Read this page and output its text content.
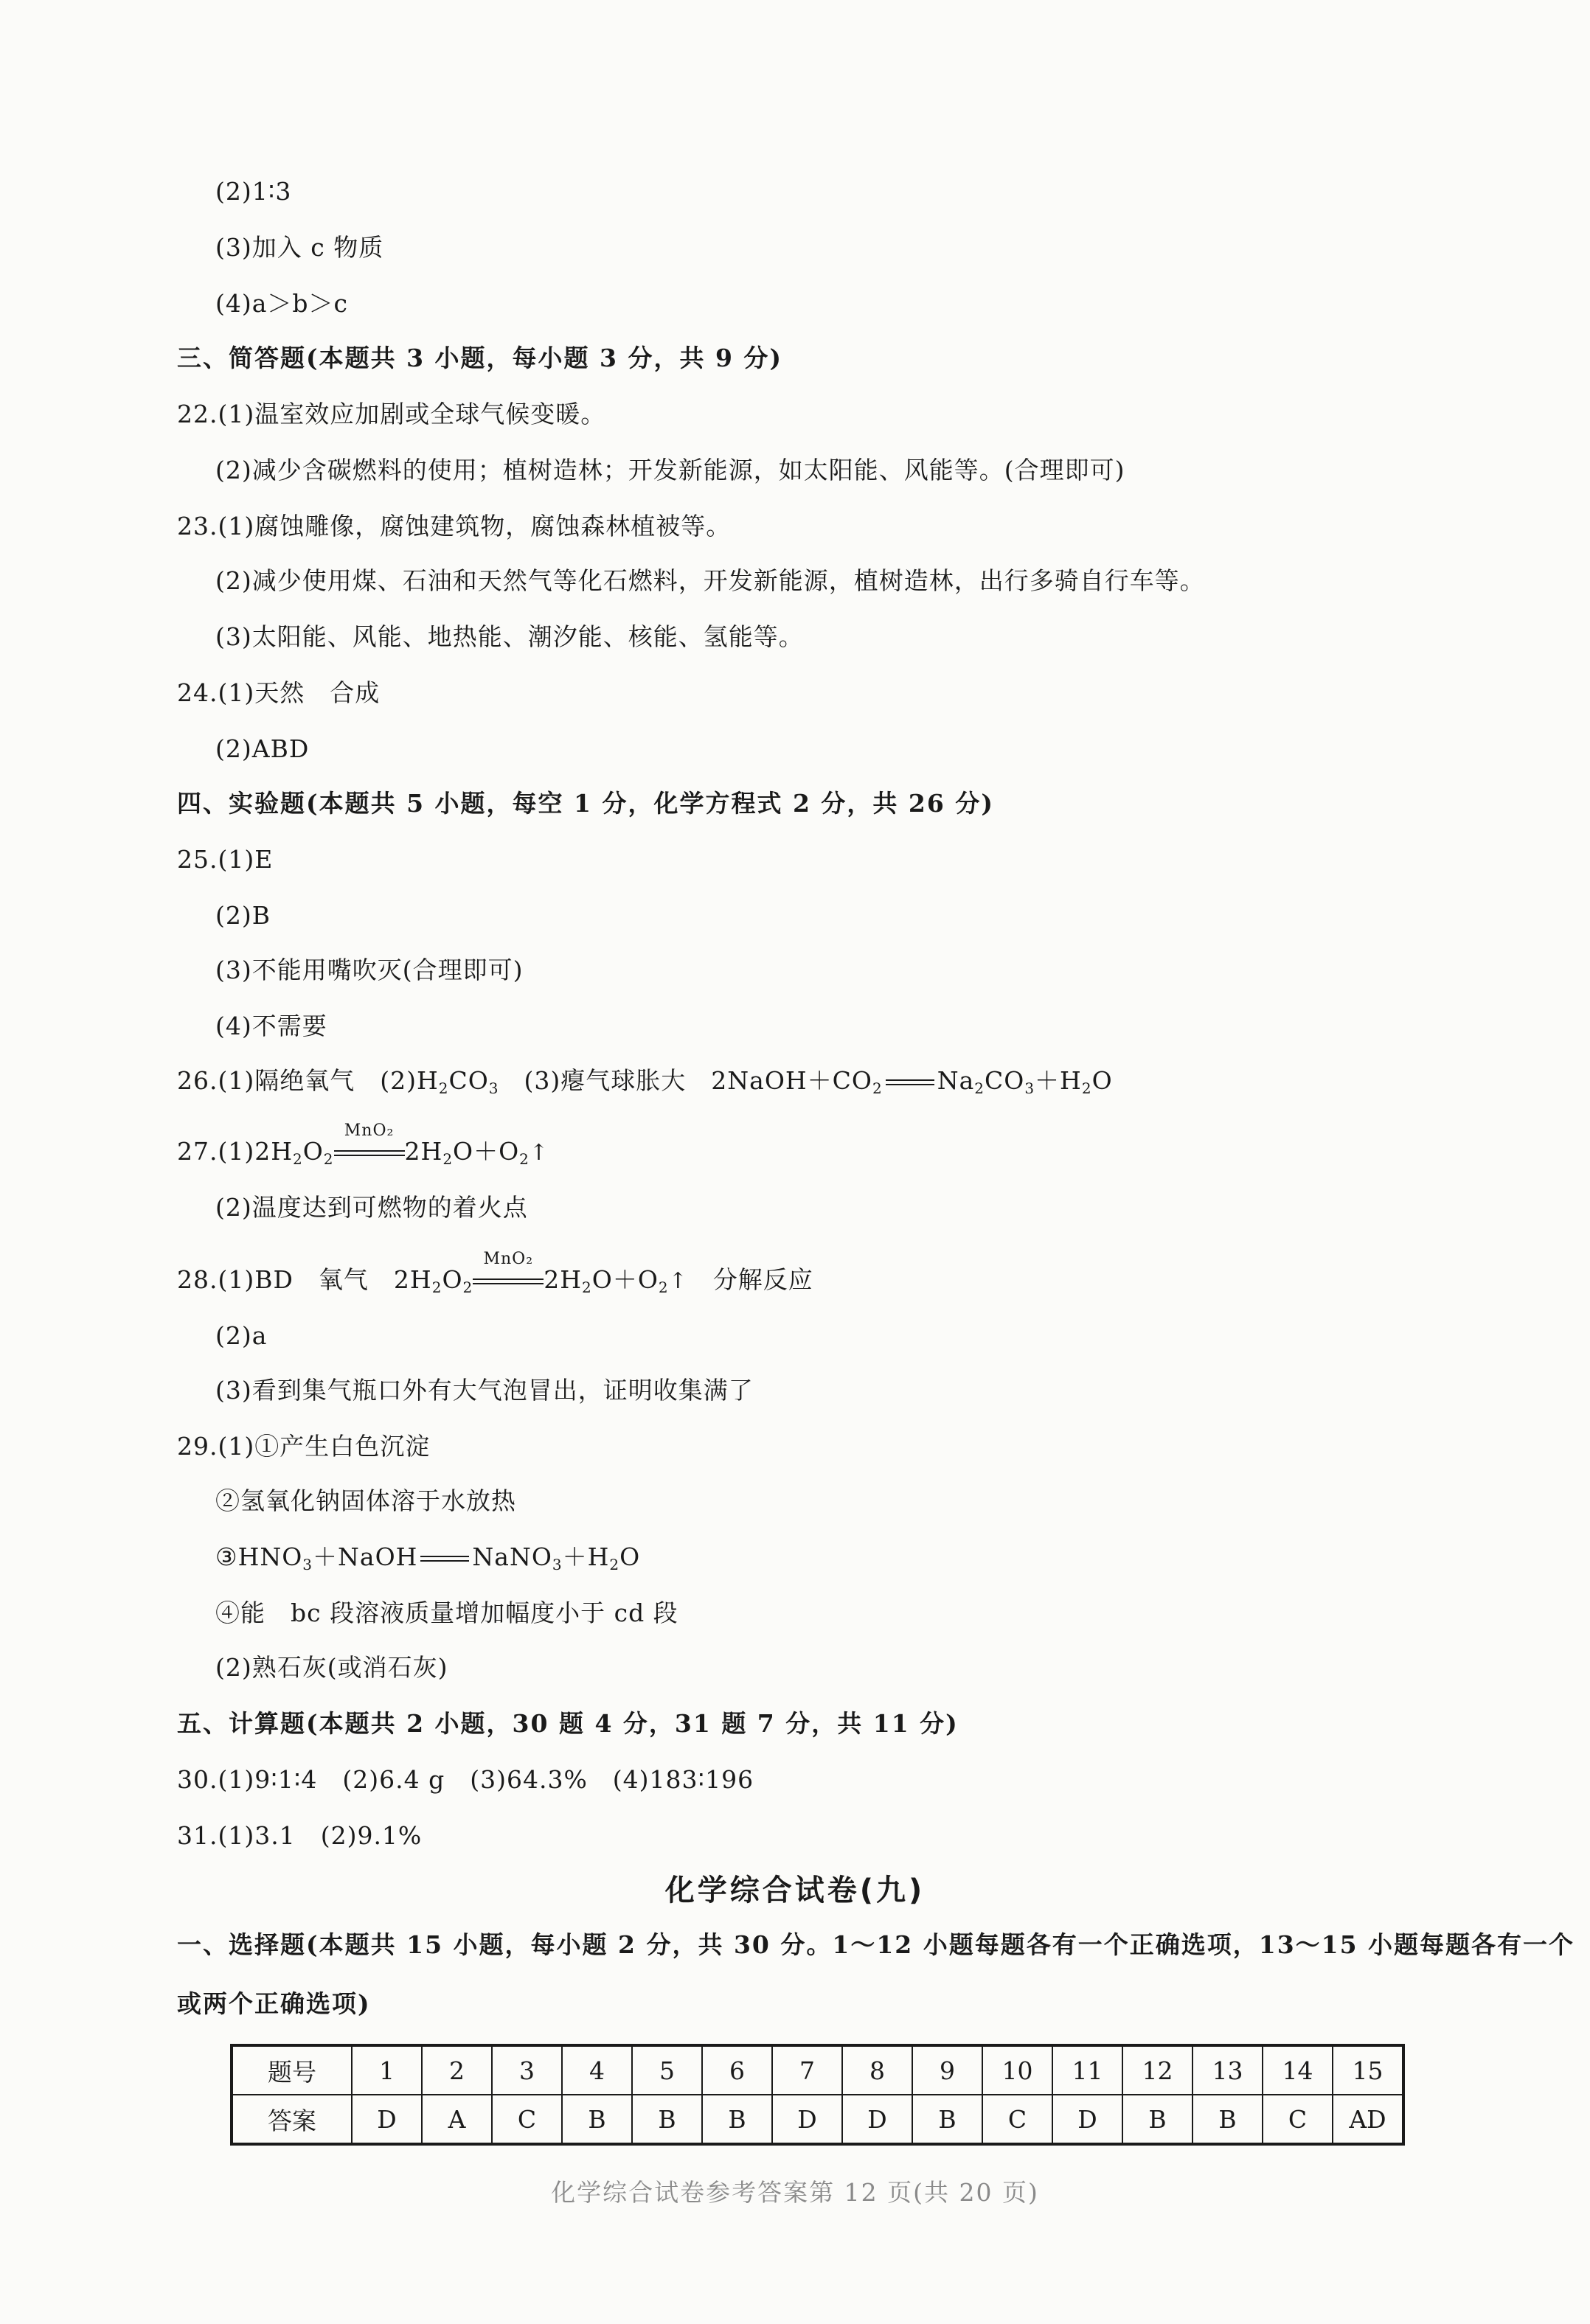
(2)1∶3
(3)加入 c 物质
(4)a＞b＞c
三、简答题(本题共 3 小题，每小题 3 分，共 9 分)
22.(1)温室效应加剧或全球气候变暖。
(2)减少含碳燃料的使用；植树造林；开发新能源，如太阳能、风能等。(合理即可)
23.(1)腐蚀雕像，腐蚀建筑物，腐蚀森林植被等。
(2)减少使用煤、石油和天然气等化石燃料，开发新能源，植树造林，出行多骑自行车等。
(3)太阳能、风能、地热能、潮汐能、核能、氢能等。
24.(1)天然　合成
(2)ABD
四、实验题(本题共 5 小题，每空 1 分，化学方程式 2 分，共 26 分)
25.(1)E
(2)B
(3)不能用嘴吹灭(合理即可)
(4)不需要
26.(1)隔绝氧气　$(2)H_2CO_3$　(3)瘪气球胀大　$2NaOH+CO_2$ $Na_2CO_3+H_2O$
$27.(1)2H_2O_2$
MnO₂
$2H_2O+O_2↑$
(2)温度达到可燃物的着火点
28.(1)BD　氧气　$2H_2O_2$
MnO₂
$2H_2O+O_2↑$　分解反应
(2)a
(3)看到集气瓶口外有大气泡冒出，证明收集满了
29.(1)①产生白色沉淀
②氢氧化钠固体溶于水放热
$③HNO_3+NaOH$ $NaNO_3+H_2O$
④能　bc 段溶液质量增加幅度小于 cd 段
(2)熟石灰(或消石灰)
五、计算题(本题共 2 小题，30 题 4 分，31 题 7 分，共 11 分)
30.(1)9∶1∶4　(2)6.4 g　(3)64.3%　(4)183∶196
31.(1)3.1　(2)9.1%
化学综合试卷(九)
一、选择题(本题共 15 小题，每小题 2 分，共 30 分。1～12 小题每题各有一个正确选项，13～15 小题每题各有一个
或两个正确选项)
题号	1	2	3	4	5	6	7	8	9	10	11	12	13	14	15
答案	D	A	C	B	B	B	D	D	B	C	D	B	B	C	AD
化学综合试卷参考答案第 12 页(共 20 页)
